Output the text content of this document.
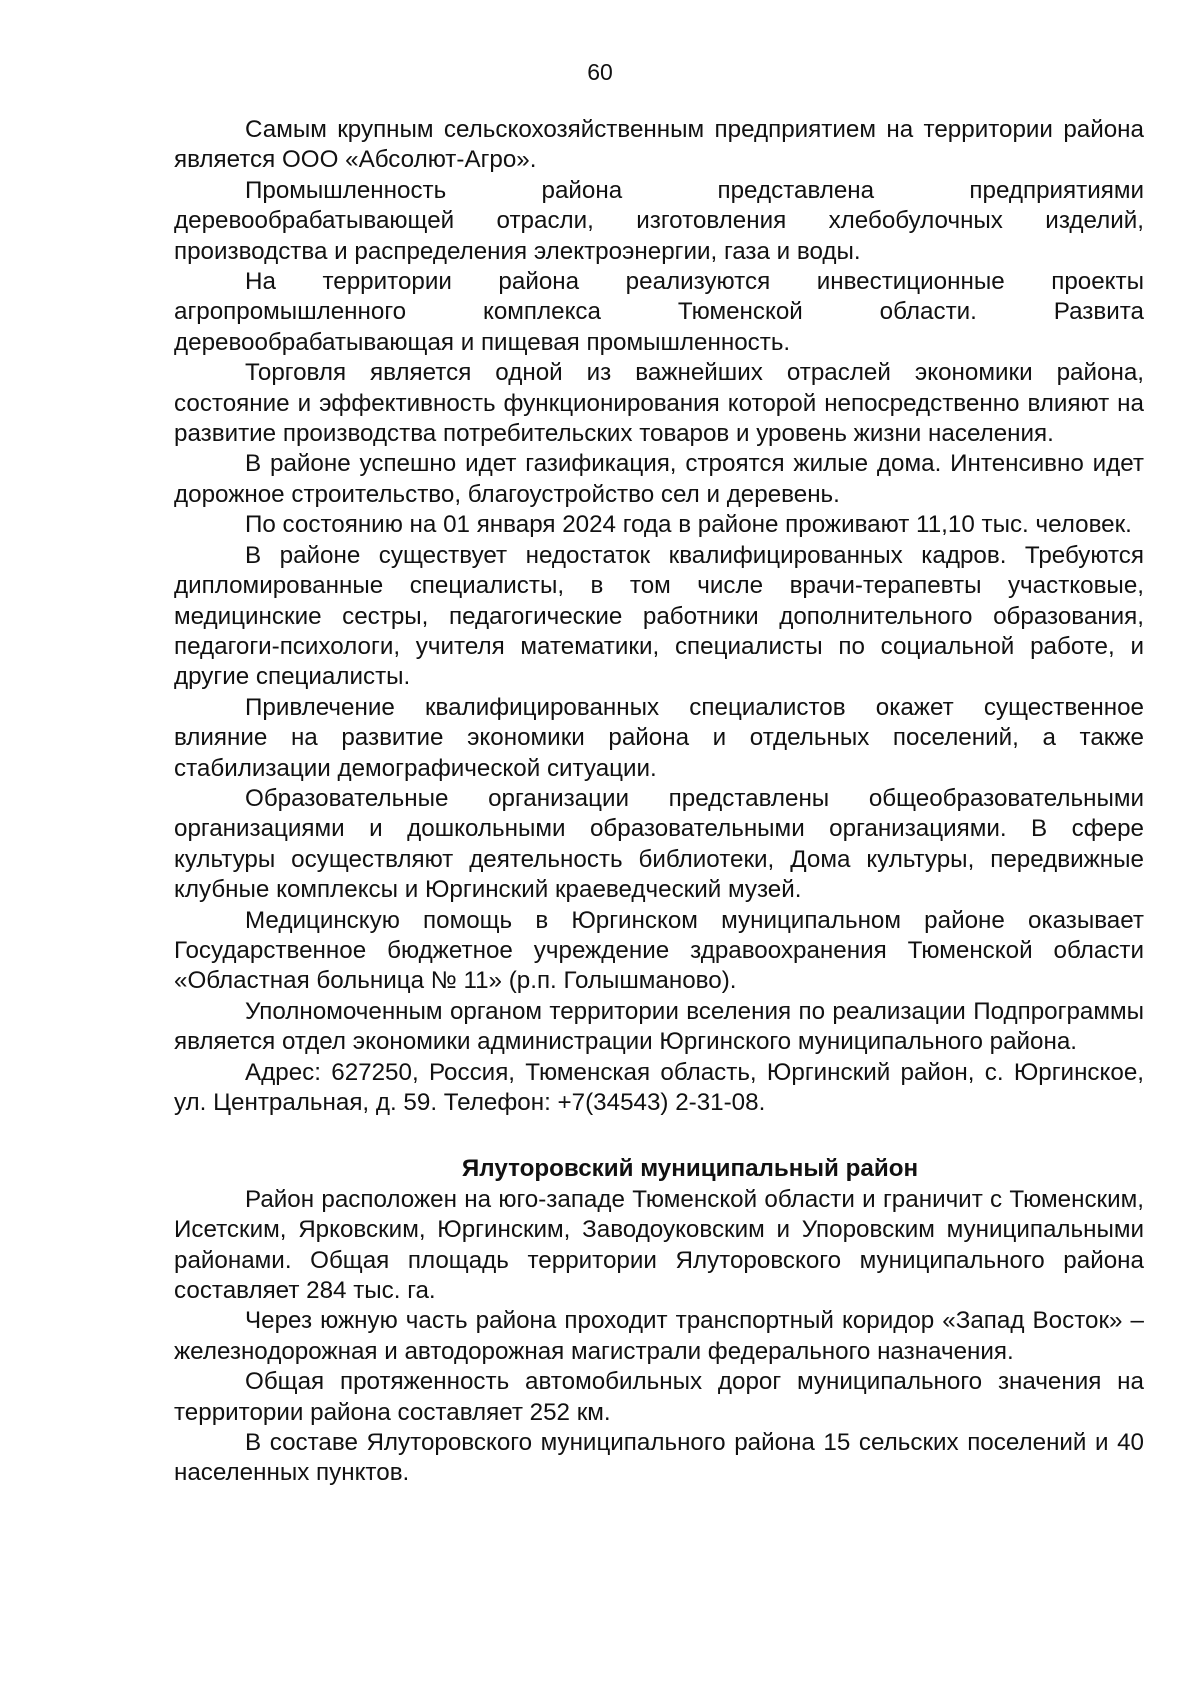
60

Самым крупным сельскохозяйственным предприятием на территории района является ООО «Абсолют-Агро».

Промышленность района представлена предприятиями деревообрабатывающей отрасли, изготовления хлебобулочных изделий, производства и распределения электроэнергии, газа и воды.

На территории района реализуются инвестиционные проекты агропромышленного комплекса Тюменской области. Развита деревообрабатывающая и пищевая промышленность.

Торговля является одной из важнейших отраслей экономики района, состояние и эффективность функционирования которой непосредственно влияют на развитие производства потребительских товаров и уровень жизни населения.

В районе успешно идет газификация, строятся жилые дома. Интенсивно идет дорожное строительство, благоустройство сел и деревень.

По состоянию на 01 января 2024 года в районе проживают 11,10 тыс. человек.

В районе существует недостаток квалифицированных кадров. Требуются дипломированные специалисты, в том числе врачи-терапевты участковые, медицинские сестры, педагогические работники дополнительного образования, педагоги-психологи, учителя математики, специалисты по социальной работе, и другие специалисты.

Привлечение квалифицированных специалистов окажет существенное влияние на развитие экономики района и отдельных поселений, а также стабилизации демографической ситуации.

Образовательные организации представлены общеобразовательными организациями и дошкольными образовательными организациями. В сфере культуры осуществляют деятельность библиотеки, Дома культуры, передвижные клубные комплексы и Юргинский краеведческий музей.

Медицинскую помощь в Юргинском муниципальном районе оказывает Государственное бюджетное учреждение здравоохранения Тюменской области «Областная больница № 11» (р.п. Голышманово).

Уполномоченным органом территории вселения по реализации Подпрограммы является отдел экономики администрации Юргинского муниципального района.

Адрес: 627250, Россия, Тюменская область, Юргинский район, с. Юргинское, ул. Центральная, д. 59. Телефон: +7(34543) 2-31-08.

Ялуторовский муниципальный район

Район расположен на юго-западе Тюменской области и граничит с Тюменским, Исетским, Ярковским, Юргинским, Заводоуковским и Упоровским муниципальными районами. Общая площадь территории Ялуторовского муниципального района составляет 284 тыс. га.

Через южную часть района проходит транспортный коридор «Запад Восток» – железнодорожная и автодорожная магистрали федерального назначения.

Общая протяженность автомобильных дорог муниципального значения на территории района составляет 252 км.

В составе Ялуторовского муниципального района 15 сельских поселений и 40 населенных пунктов.
